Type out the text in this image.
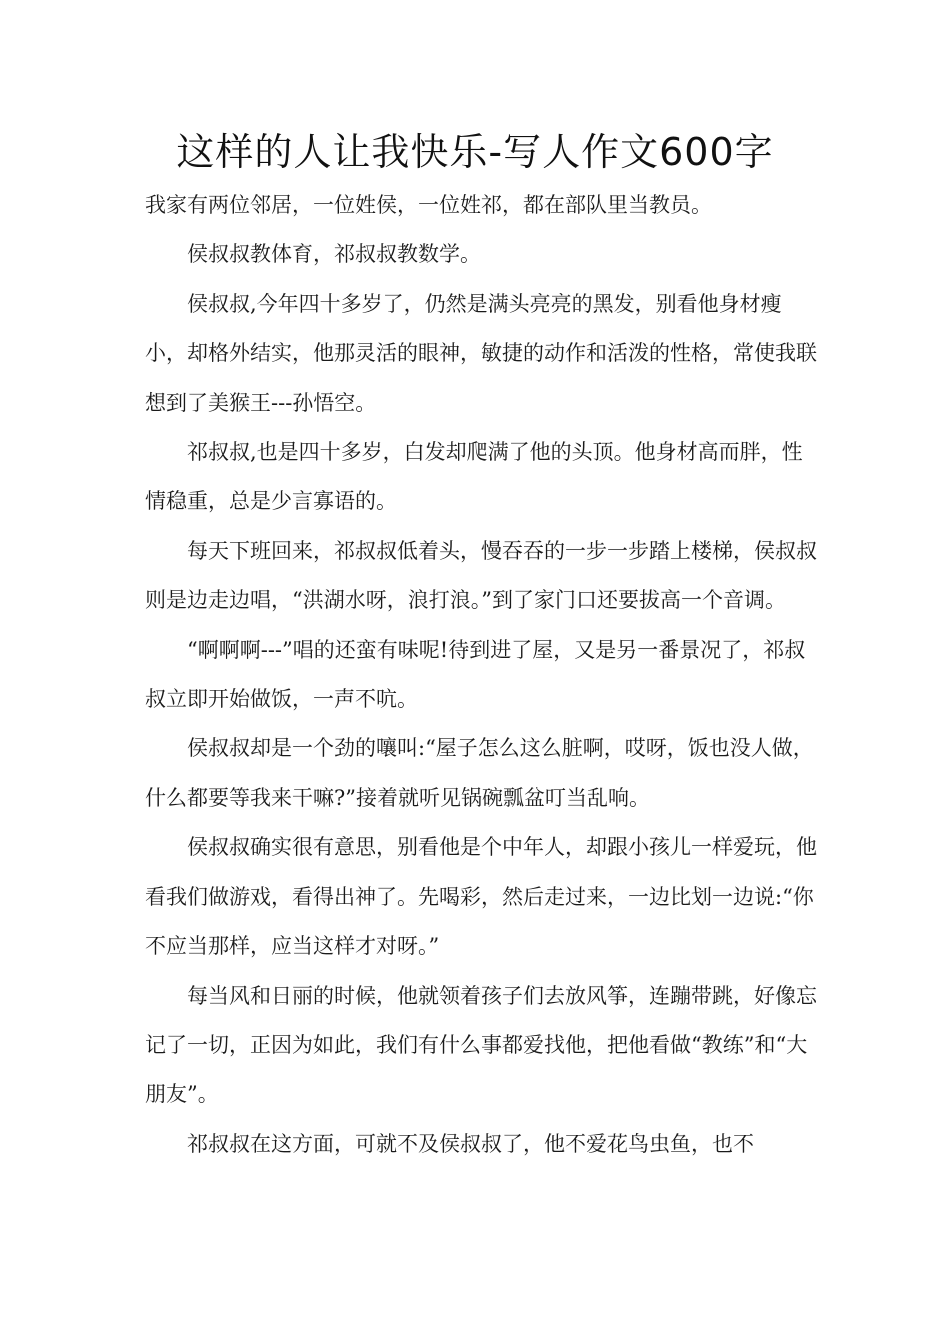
这样的人让我快乐-写人作文600字

我家有两位邻居，一位姓侯，一位姓祁，都在部队里当教员。

侯叔叔教体育，祁叔叔教数学。

侯叔叔,今年四十多岁了，仍然是满头亮亮的黑发，别看他身材瘦小，却格外结实，他那灵活的眼神，敏捷的动作和活泼的性格，常使我联想到了美猴王---孙悟空。

祁叔叔,也是四十多岁，白发却爬满了他的头顶。他身材高而胖，性情稳重，总是少言寡语的。

每天下班回来，祁叔叔低着头，慢吞吞的一步一步踏上楼梯，侯叔叔则是边走边唱，“洪湖水呀，浪打浪。”到了家门口还要拔高一个音调。

“啊啊啊---”唱的还蛮有味呢!待到进了屋，又是另一番景况了，祁叔叔立即开始做饭，一声不吭。

侯叔叔却是一个劲的嚷叫:“屋子怎么这么脏啊，哎呀，饭也没人做，什么都要等我来干嘛?”接着就听见锅碗瓢盆叮当乱响。

侯叔叔确实很有意思，别看他是个中年人，却跟小孩儿一样爱玩，他看我们做游戏，看得出神了。先喝彩，然后走过来，一边比划一边说:“你不应当那样，应当这样才对呀。”

每当风和日丽的时候，他就领着孩子们去放风筝，连蹦带跳，好像忘记了一切，正因为如此，我们有什么事都爱找他，把他看做“教练”和“大朋友”。

祁叔叔在这方面，可就不及侯叔叔了，他不爱花鸟虫鱼，也不
